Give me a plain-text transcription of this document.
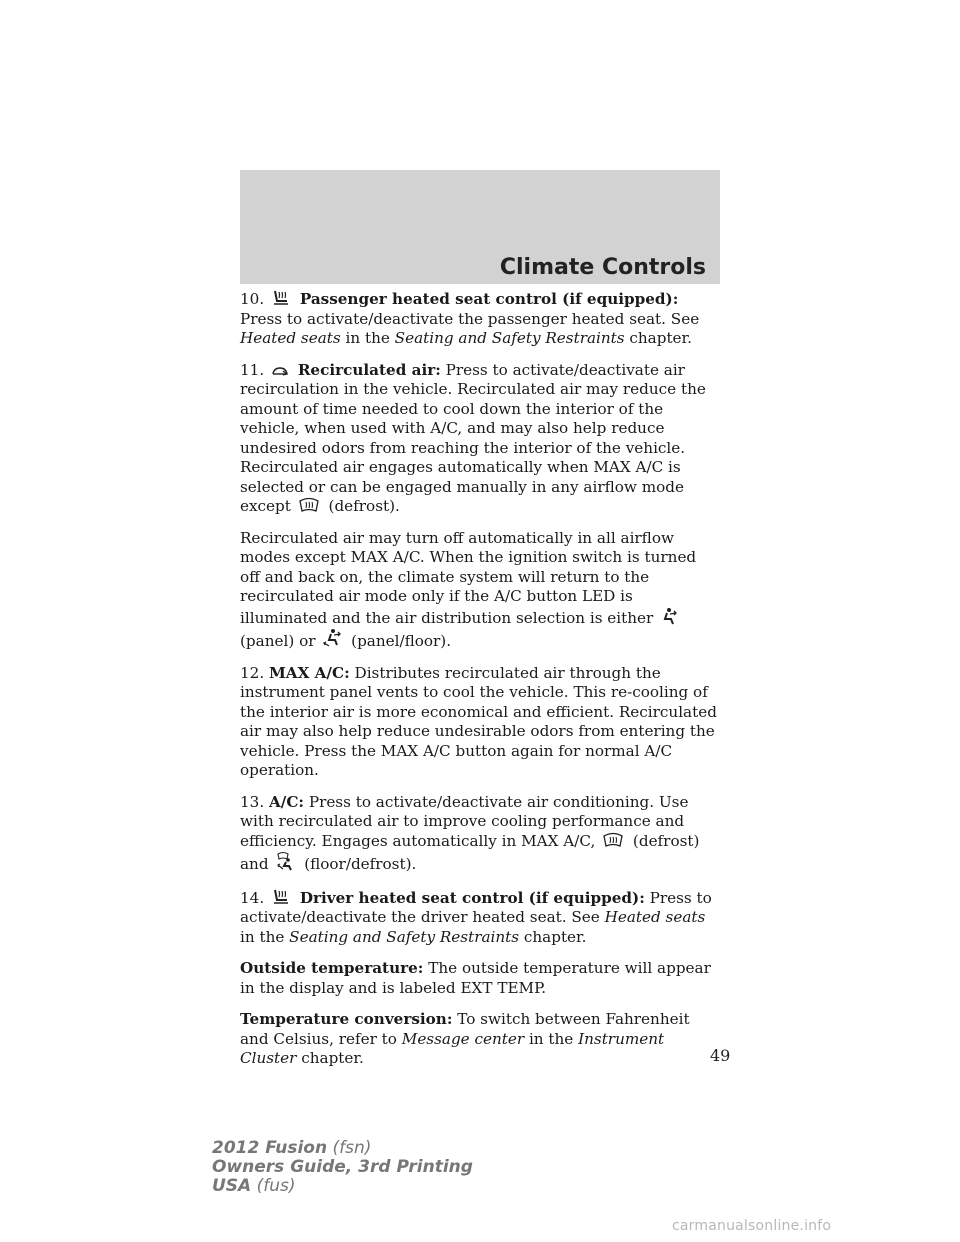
Climate Controls

10. Passenger heated seat control (if equipped): Press to activate/deactivate the passenger heated seat. See Heated seats in the Seating and Safety Restraints chapter.

11. Recirculated air: Press to activate/deactivate air recirculation in the vehicle. Recirculated air may reduce the amount of time needed to cool down the interior of the vehicle, when used with A/C, and may also help reduce undesired odors from reaching the interior of the vehicle. Recirculated air engages automatically when MAX A/C is selected or can be engaged manually in any airflow mode except (defrost).

Recirculated air may turn off automatically in all airflow modes except MAX A/C. When the ignition switch is turned off and back on, the climate system will return to the recirculated air mode only if the A/C button LED is illuminated and the air distribution selection is either  (panel) or (panel/floor).

12. MAX A/C: Distributes recirculated air through the instrument panel vents to cool the vehicle. This re-cooling of the interior air is more economical and efficient. Recirculated air may also help reduce undesirable odors from entering the vehicle. Press the MAX A/C button again for normal A/C operation.

13. A/C: Press to activate/deactivate air conditioning. Use with recirculated air to improve cooling performance and efficiency. Engages automatically in MAX A/C, (defrost) and (floor/defrost).

14. Driver heated seat control (if equipped): Press to activate/deactivate the driver heated seat. See Heated seats in the Seating and Safety Restraints chapter.

Outside temperature: The outside temperature will appear in the display and is labeled EXT TEMP.

Temperature conversion: To switch between Fahrenheit and Celsius, refer to Message center in the Instrument Cluster chapter.	49
2012 Fusion (fsn)
Owners Guide, 3rd Printing
USA (fus)
carmanualsonline.info
